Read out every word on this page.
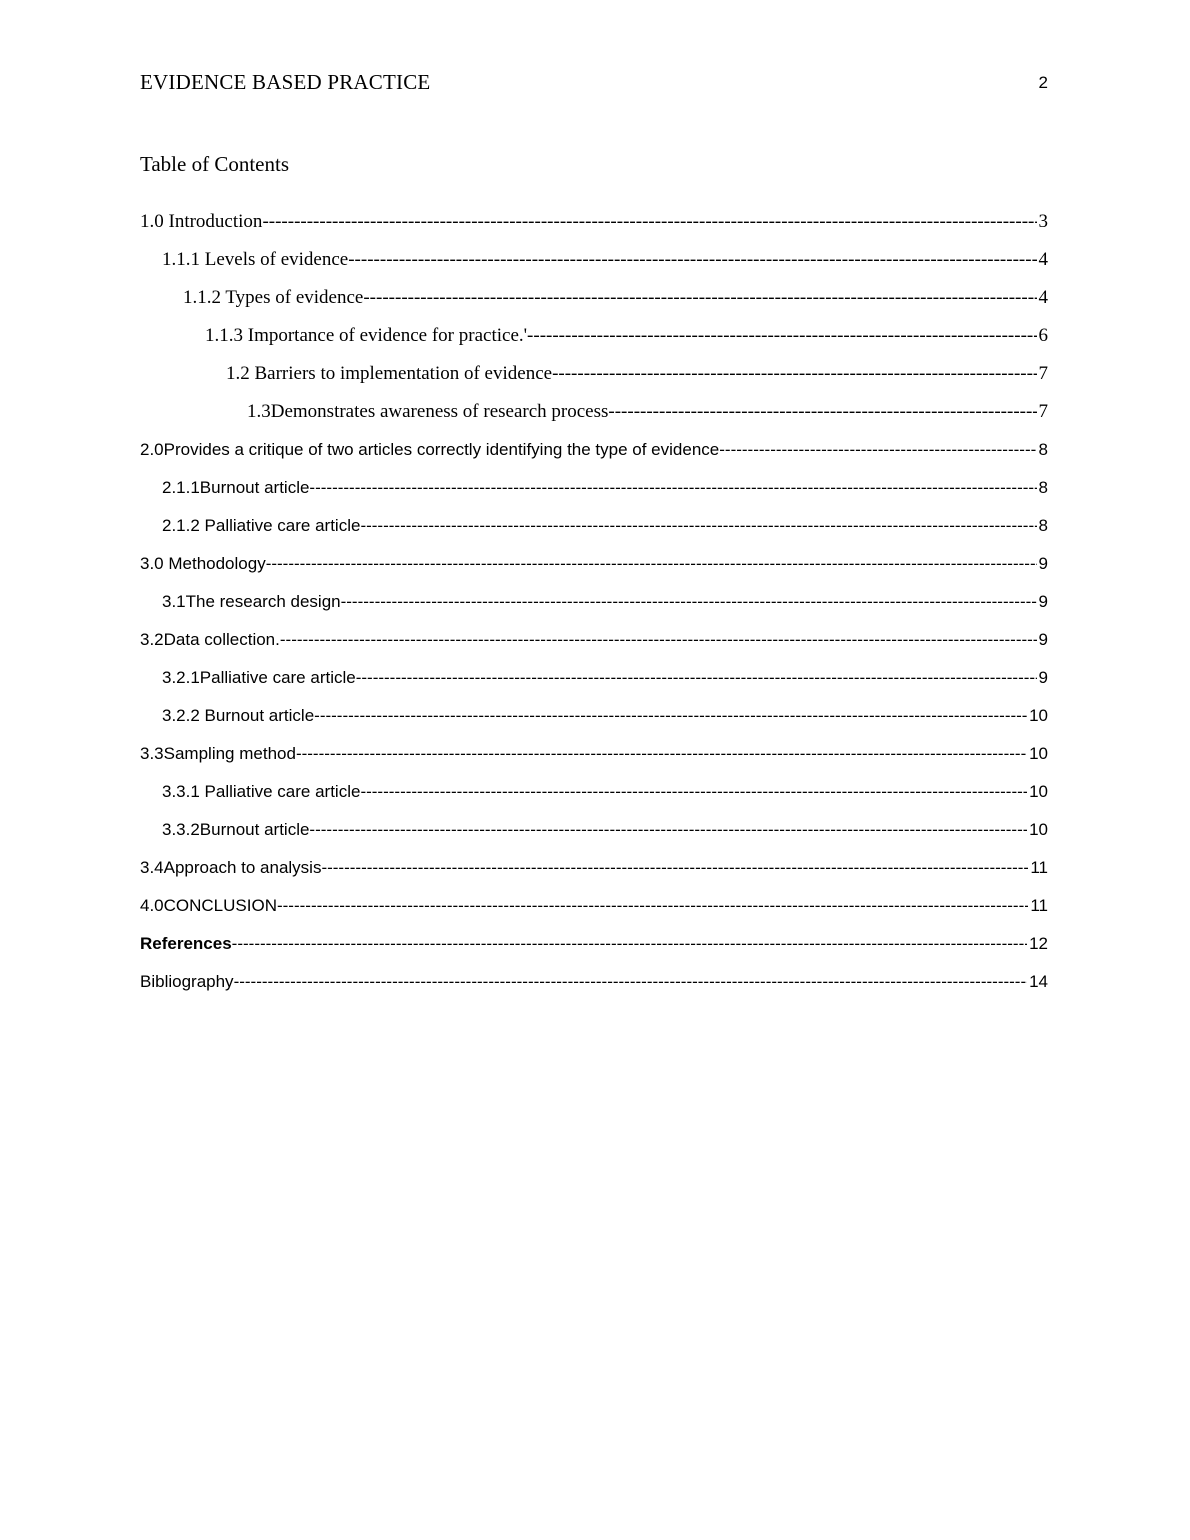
EVIDENCE BASED PRACTICE	2
Table of Contents
1.0 Introduction -----	3
1.1.1 Levels of evidence -----	4
1.1.2 Types of evidence -----	4
1.1.3 Importance of evidence for practice.' -----	6
1.2 Barriers to implementation of evidence -----	7
1.3Demonstrates awareness of research process -----	7
2.0Provides a critique of two articles correctly identifying the type of evidence -----	8
2.1.1Burnout article -----	8
2.1.2 Palliative care article -----	8
3.0 Methodology -----	9
3.1The research design -----	9
3.2Data collection. -----	9
3.2.1Palliative care article -----	9
3.2.2 Burnout article -----	10
3.3Sampling method -----	10
3.3.1 Palliative care article -----	10
3.3.2Burnout article -----	10
3.4Approach to analysis -----	11
4.0CONCLUSION -----	11
References -----	12
Bibliography -----	14
